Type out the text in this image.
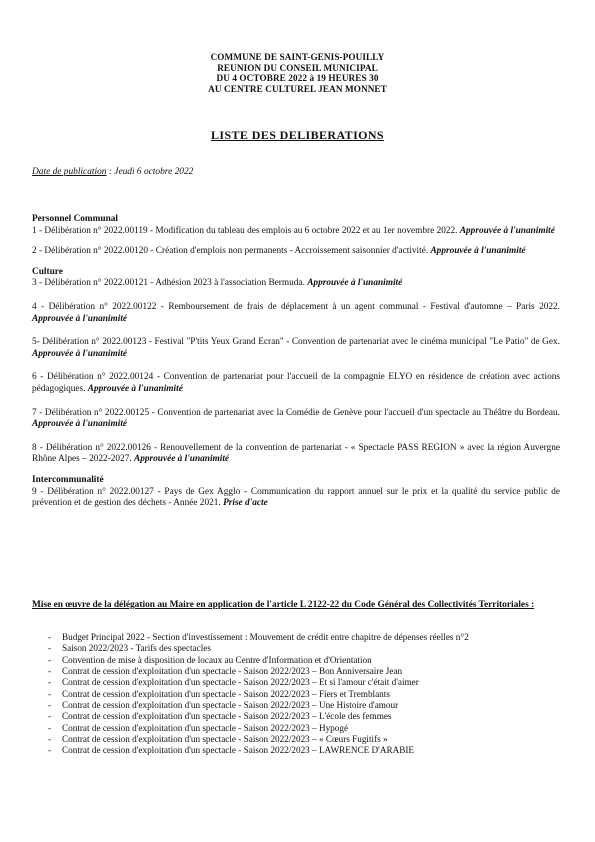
COMMUNE DE SAINT-GENIS-POUILLY
REUNION DU CONSEIL MUNICIPAL
DU 4 OCTOBRE 2022 à 19 HEURES 30
AU CENTRE CULTUREL JEAN MONNET
LISTE DES DELIBERATIONS
Date de publication : Jeudi 6 octobre 2022
Personnel Communal

1 - Délibération n° 2022.00119 - Modification du tableau des emplois au 6 octobre 2022 et au 1er novembre 2022. Approuvée à l'unanimité

2 - Délibération n° 2022.00120 - Création d'emplois non permanents - Accroissement saisonnier d'activité. Approuvée à l'unanimité

Culture

3 - Délibération n° 2022.00121 - Adhésion 2023 à l'association Bermuda. Approuvée à l'unanimité

4 - Délibération n° 2022.00122 - Remboursement de frais de déplacement à un agent communal - Festival d'automne – Paris 2022. Approuvée à l'unanimité

5- Délibération n° 2022.00123 - Festival "P'tits Yeux Grand Ecran" - Convention de partenariat avec le cinéma municipal "Le Patio" de Gex. Approuvée à l'unanimité

6 - Délibération n° 2022.00124 - Convention de partenariat pour l'accueil de la compagnie ELYO en résidence de création avec actions pédagogiques. Approuvée à l'unanimité

7 - Délibération n° 2022.00125 - Convention de partenariat avec la Comédie de Genève pour l'accueil d'un spectacle au Théâtre du Bordeau. Approuvée à l'unanimité

8 - Délibération n° 2022.00126 - Renouvellement de la convention de partenariat - « Spectacle PASS REGION » avec la région Auvergne Rhône Alpes – 2022-2027. Approuvée à l'unanimité

Intercommunalité

9 - Délibération n° 2022.00127 - Pays de Gex Agglo - Communication du rapport annuel sur le prix et la qualité du service public de prévention et de gestion des déchets - Année 2021. Prise d'acte

Mise en œuvre de la délégation au Maire en application de l'article L 2122-22 du Code Général des Collectivités Territoriales :
- Budget Principal 2022 - Section d'investissement : Mouvement de crédit entre chapitre de dépenses réelles n°2
- Saison 2022/2023 - Tarifs des spectacles
- Convention de mise à disposition de locaux au Centre d'Information et d'Orientation
- Contrat de cession d'exploitation d'un spectacle - Saison 2022/2023 – Bon Anniversaire Jean
- Contrat de cession d'exploitation d'un spectacle - Saison 2022/2023 – Et si l'amour c'était d'aimer
- Contrat de cession d'exploitation d'un spectacle - Saison 2022/2023 – Fiers et Tremblants
- Contrat de cession d'exploitation d'un spectacle - Saison 2022/2023 – Une Histoire d'amour
- Contrat de cession d'exploitation d'un spectacle - Saison 2022/2023 – L'école des femmes
- Contrat de cession d'exploitation d'un spectacle - Saison 2022/2023 – Hypogé
- Contrat de cession d'exploitation d'un spectacle - Saison 2022/2023 – « Cœurs Fugitifs »
- Contrat de cession d'exploitation d'un spectacle - Saison 2022/2023 – LAWRENCE D'ARABIE
